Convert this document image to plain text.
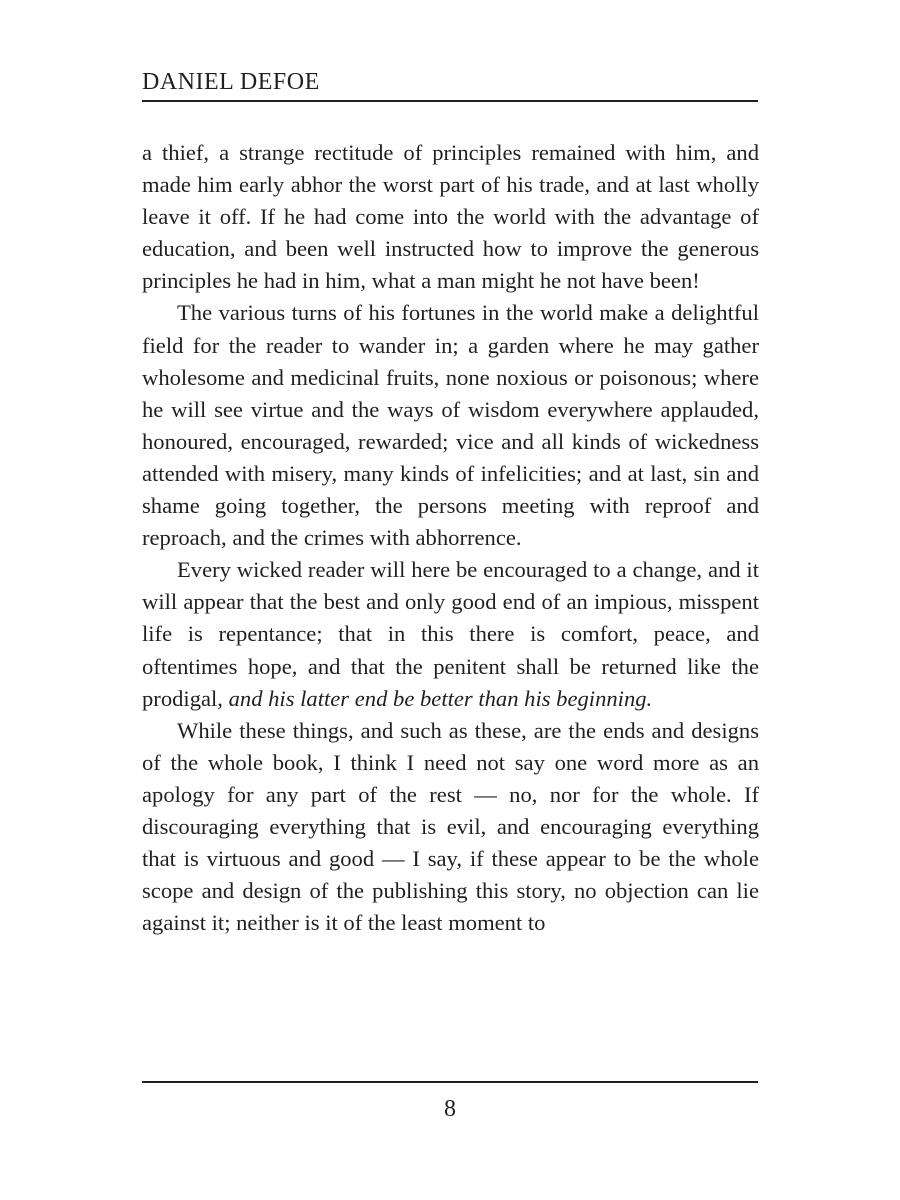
DANIEL DEFOE

a thief, a strange rectitude of principles remained with him, and made him early abhor the worst part of his trade, and at last wholly leave it off. If he had come into the world with the advantage of education, and been well instructed how to improve the generous principles he had in him, what a man might he not have been!

The various turns of his fortunes in the world make a delightful field for the reader to wander in; a garden where he may gather wholesome and medicinal fruits, none noxious or poisonous; where he will see virtue and the ways of wisdom everywhere applauded, honoured, encouraged, rewarded; vice and all kinds of wickedness attended with misery, many kinds of infelicities; and at last, sin and shame going together, the persons meeting with reproof and reproach, and the crimes with abhorrence.

Every wicked reader will here be encouraged to a change, and it will appear that the best and only good end of an impious, misspent life is repentance; that in this there is comfort, peace, and oftentimes hope, and that the penitent shall be returned like the prodigal, and his latter end be better than his beginning.

While these things, and such as these, are the ends and designs of the whole book, I think I need not say one word more as an apology for any part of the rest — no, nor for the whole. If discouraging everything that is evil, and encouraging everything that is virtuous and good — I say, if these appear to be the whole scope and design of the publishing this story, no objection can lie against it; neither is it of the least moment to

8
